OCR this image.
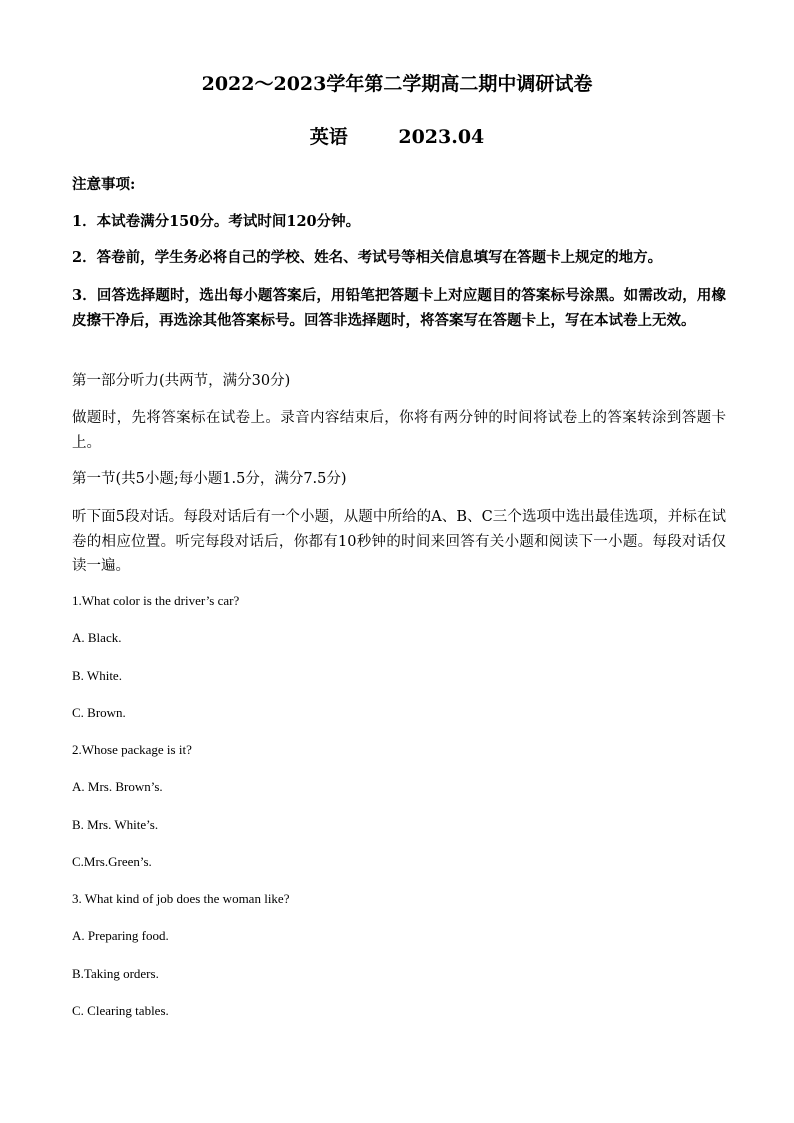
2022～2023学年第二学期高二期中调研试卷
英语	2023.04
注意事项:
1．本试卷满分150分。考试时间120分钟。
2．答卷前，学生务必将自己的学校、姓名、考试号等相关信息填写在答题卡上规定的地方。
3．回答选择题时，选出每小题答案后，用铅笔把答题卡上对应题目的答案标号涂黑。如需改动，用橡皮擦干净后，再选涂其他答案标号。回答非选择题时，将答案写在答题卡上，写在本试卷上无效。
第一部分听力(共两节，满分30分)
做题时，先将答案标在试卷上。录音内容结束后，你将有两分钟的时间将试卷上的答案转涂到答题卡上。
第一节(共5小题;每小题1.5分，满分7.5分)
听下面5段对话。每段对话后有一个小题，从题中所给的A、B、C三个选项中选出最佳选项，并标在试卷的相应位置。听完每段对话后，你都有10秒钟的时间来回答有关小题和阅读下一小题。每段对话仅读一遍。
1.What color is the driver’s car?
A. Black.
B. White.
C. Brown.
2.Whose package is it?
A. Mrs. Brown’s.
B. Mrs. White’s.
C.Mrs.Green’s.
3. What kind of job does the woman like?
A. Preparing food.
B.Taking orders.
C. Clearing tables.
